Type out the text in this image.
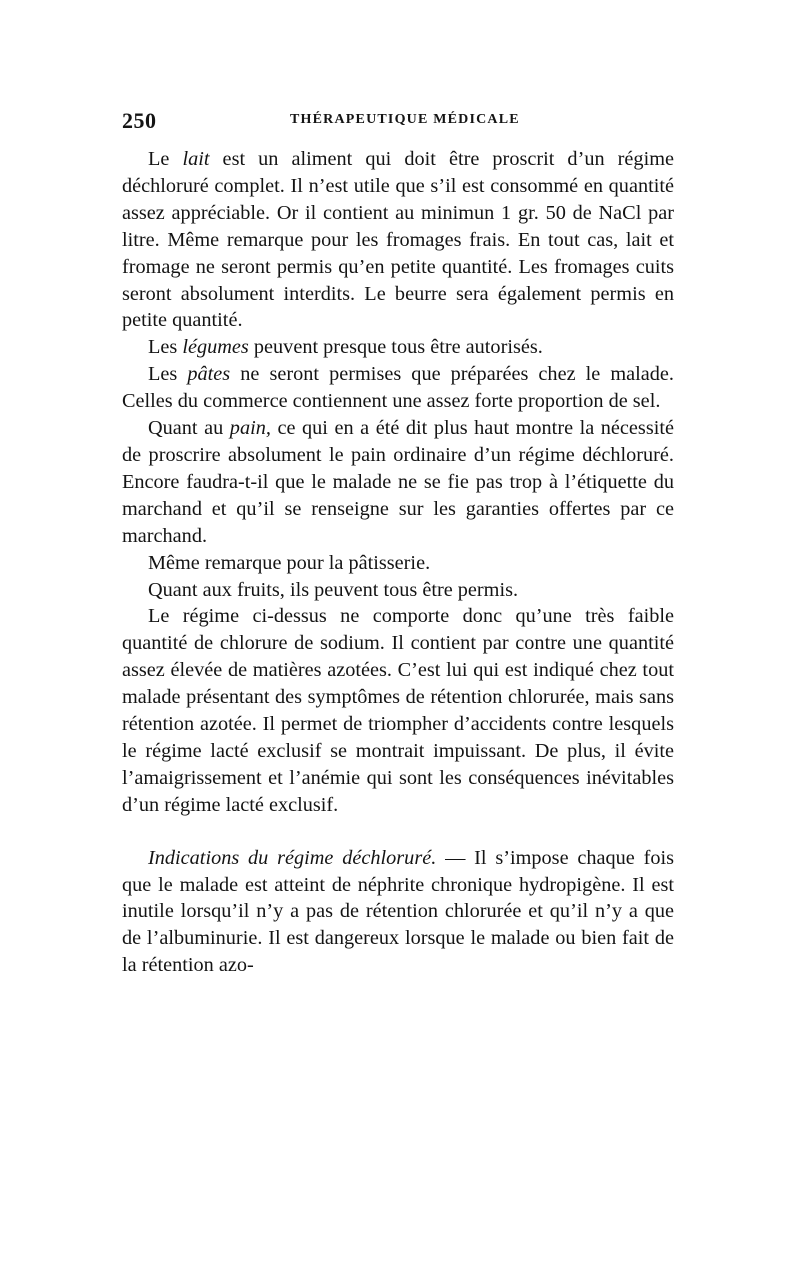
250	THÉRAPEUTIQUE MÉDICALE

Le lait est un aliment qui doit être proscrit d’un régime déchloruré complet. Il n’est utile que s’il est consommé en quantité assez appréciable. Or il contient au minimun 1 gr. 50 de NaCl par litre. Même remarque pour les fromages frais. En tout cas, lait et fromage ne seront permis qu’en petite quantité. Les fromages cuits seront absolument interdits. Le beurre sera également permis en petite quantité.

Les légumes peuvent presque tous être autorisés.

Les pâtes ne seront permises que préparées chez le malade. Celles du commerce contiennent une assez forte proportion de sel.

Quant au pain, ce qui en a été dit plus haut montre la nécessité de proscrire absolument le pain ordinaire d’un régime déchloruré. Encore faudra-t-il que le malade ne se fie pas trop à l’étiquette du marchand et qu’il se renseigne sur les garanties offertes par ce marchand.

Même remarque pour la pâtisserie.

Quant aux fruits, ils peuvent tous être permis.

Le régime ci-dessus ne comporte donc qu’une très faible quantité de chlorure de sodium. Il contient par contre une quantité assez élevée de matières azotées. C’est lui qui est indiqué chez tout malade présentant des symptômes de rétention chlorurée, mais sans rétention azotée. Il permet de triompher d’accidents contre lesquels le régime lacté exclusif se montrait impuissant. De plus, il évite l’amaigrissement et l’anémie qui sont les conséquences inévitables d’un régime lacté exclusif.

Indications du régime déchloruré. — Il s’impose chaque fois que le malade est atteint de néphrite chronique hydropigène. Il est inutile lorsqu’il n’y a pas de rétention chlorurée et qu’il n’y a que de l’albuminurie. Il est dangereux lorsque le malade ou bien fait de la rétention azo-
